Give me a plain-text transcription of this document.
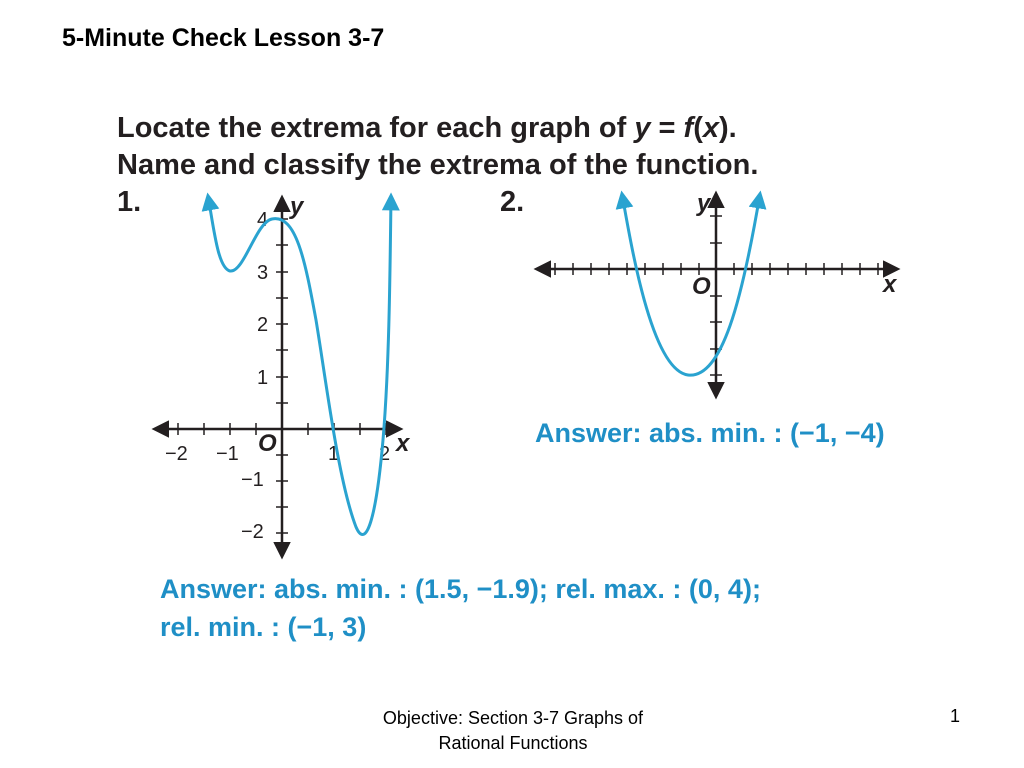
5-Minute Check Lesson 3-7
Locate the extrema for each graph of y = f(x).
Name and classify the extrema of the function.
1.	2.
−2 −1	1 2
4
3
2
1
−1
−2
O	x
y
O	x
y
Answer: abs. min. : (−1, −4)
Answer: abs. min. : (1.5, −1.9); rel. max. : (0, 4);
rel. min. : (−1, 3)
Objective: Section 3-7 Graphs of
Rational Functions
1
